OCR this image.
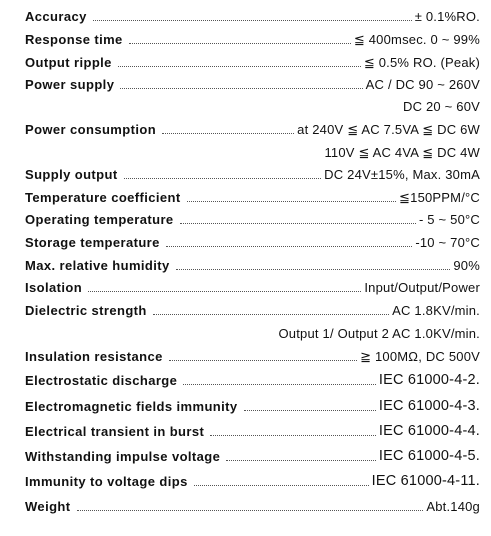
Accuracy	± 0.1%RO.
Response time	≦ 400msec. 0 ~ 99%
Output ripple	≦ 0.5% RO. (Peak)
Power supply	AC / DC 90 ~ 260V
DC 20 ~ 60V
Power consumption	at 240V ≦ AC 7.5VA ≦ DC 6W
110V ≦ AC 4VA ≦ DC 4W
Supply output	DC 24V±15%, Max. 30mA
Temperature coefficient	≦150PPM/°C
Operating temperature	- 5 ~ 50°C
Storage temperature	-10 ~ 70°C
Max. relative humidity	90%
Isolation	Input/Output/Power
Dielectric strength	AC 1.8KV/min.
Output 1/ Output 2 AC 1.0KV/min.
Insulation resistance	≧ 100MΩ, DC 500V
Electrostatic discharge	IEC 61000-4-2.
Electromagnetic fields immunity	IEC 61000-4-3.
Electrical transient in burst	IEC 61000-4-4.
Withstanding impulse voltage	IEC 61000-4-5.
Immunity to voltage dips	IEC 61000-4-11.
Weight	Abt.140g
